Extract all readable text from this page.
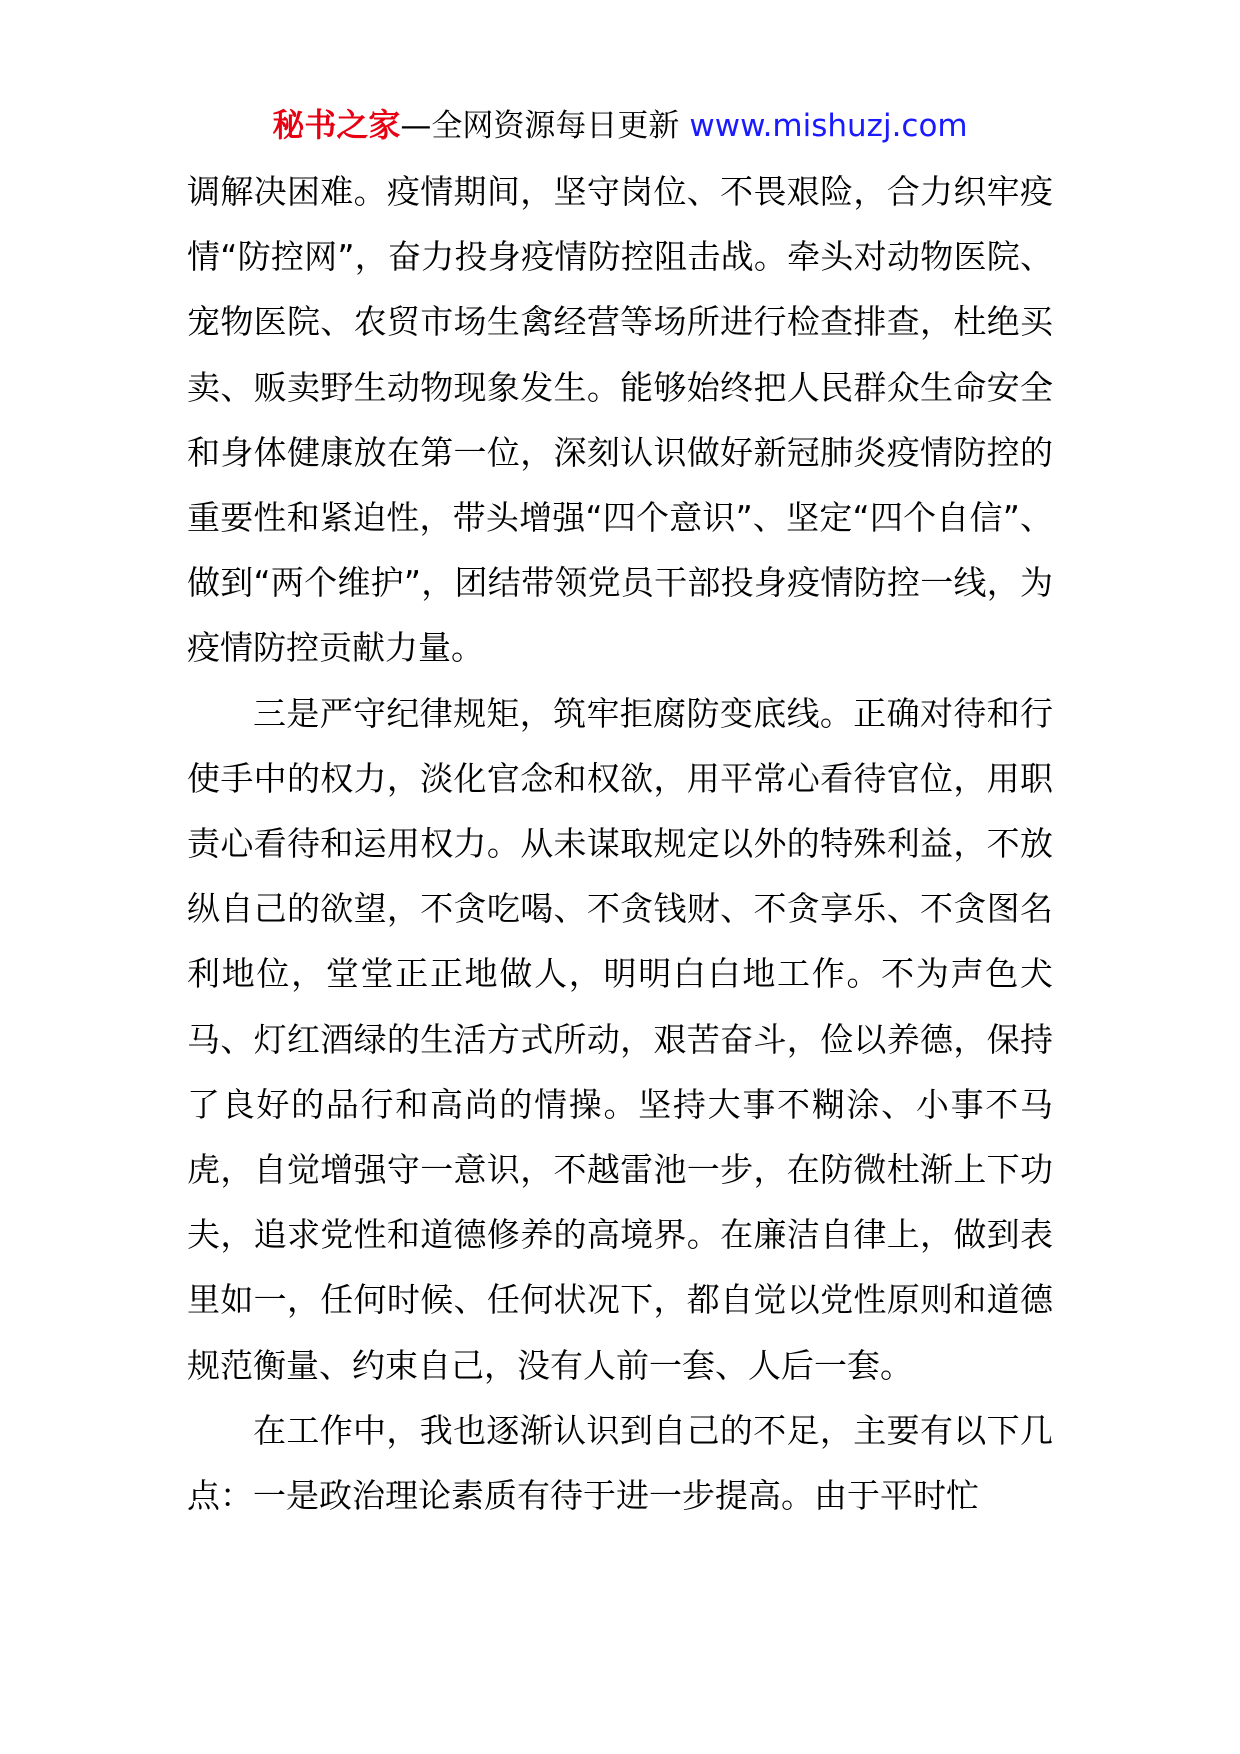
秘书之家—全网资源每日更新 www.mishuzj.com

调解决困难。疫情期间，坚守岗位、不畏艰险，合力织牢疫情“防控网”，奋力投身疫情防控阻击战。牵头对动物医院、宠物医院、农贸市场生禽经营等场所进行检查排查，杜绝买卖、贩卖野生动物现象发生。能够始终把人民群众生命安全和身体健康放在第一位，深刻认识做好新冠肺炎疫情防控的重要性和紧迫性，带头增强“四个意识”、坚定“四个自信”、做到“两个维护”，团结带领党员干部投身疫情防控一线，为疫情防控贡献力量。

三是严守纪律规矩，筑牢拒腐防变底线。正确对待和行使手中的权力，淡化官念和权欲，用平常心看待官位，用职责心看待和运用权力。从未谋取规定以外的特殊利益，不放纵自己的欲望，不贪吃喝、不贪钱财、不贪享乐、不贪图名利地位，堂堂正正地做人，明明白白地工作。不为声色犬马、灯红酒绿的生活方式所动，艰苦奋斗，俭以养德，保持了良好的品行和高尚的情操。坚持大事不糊涂、小事不马虎，自觉增强守一意识，不越雷池一步，在防微杜渐上下功夫，追求党性和道德修养的高境界。在廉洁自律上，做到表里如一，任何时候、任何状况下，都自觉以党性原则和道德规范衡量、约束自己，没有人前一套、人后一套。

在工作中，我也逐渐认识到自己的不足，主要有以下几点：一是政治理论素质有待于进一步提高。由于平时忙
